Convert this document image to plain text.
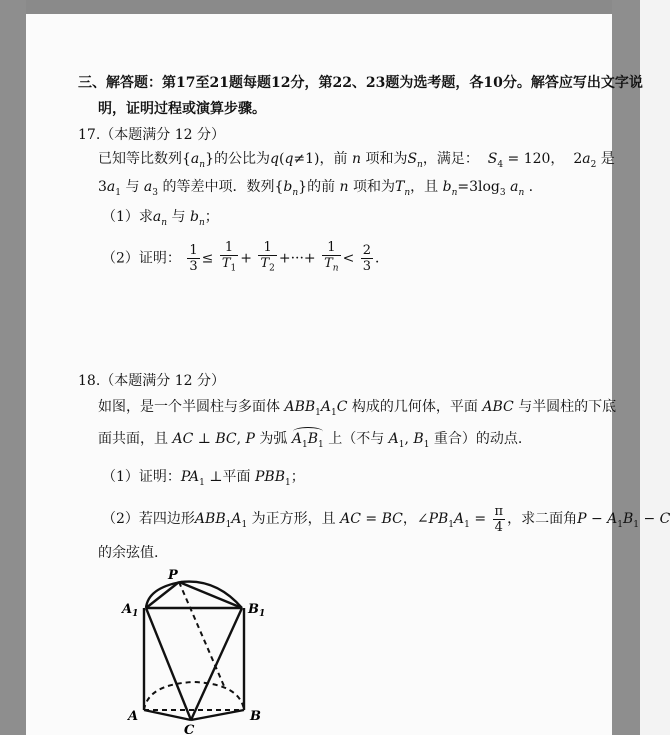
三、解答题：第17至21题每题12分，第22、23题为选考题，各10分。解答应写出文字说
明，证明过程或演算步骤。
17.（本题满分 12 分）
已知等比数列$\{a_n\}$的公比为q(q≠1)，前 n 项和为$S_n$，满足： $S_4 = 120$，  $2a_2$ 是
$3a_1$ 与 $a_3$ 的等差中项．数列$\{b_n\}$的前 n 项和为$T_n$，且 $b_n=3\log_3$ $a_n$ .
（1）求$a_n$ 与 $b_n$；
（2）证明： $\frac{1}{3} \le \frac{1}{T_1} + \frac{1}{T_2}$ +···+ $\frac{1}{T_n} < \frac{2}{3}$ ．
18.（本题满分 12 分）
如图，是一个半圆柱与多面体 $ABB_1A_1C$ 构成的几何体，平面 ABC 与半圆柱的下底
面共面，且 AC ⊥ BC, P 为弧 $A_1B_1$ 上（不与 $A_1$, $B_1$ 重合）的动点.
（1）证明：$PA_1$ ⊥平面 $PBB_1$；
（2）若四边形$ABB_1A_1$ 为正方形，且 AC = BC，$\angle PB_1A_1 = \frac{\pi}{4}$ ，求二面角$P - A_1B_1 - C$
的余弦值.
P
$A_1$	$B_1$
A	B
C
